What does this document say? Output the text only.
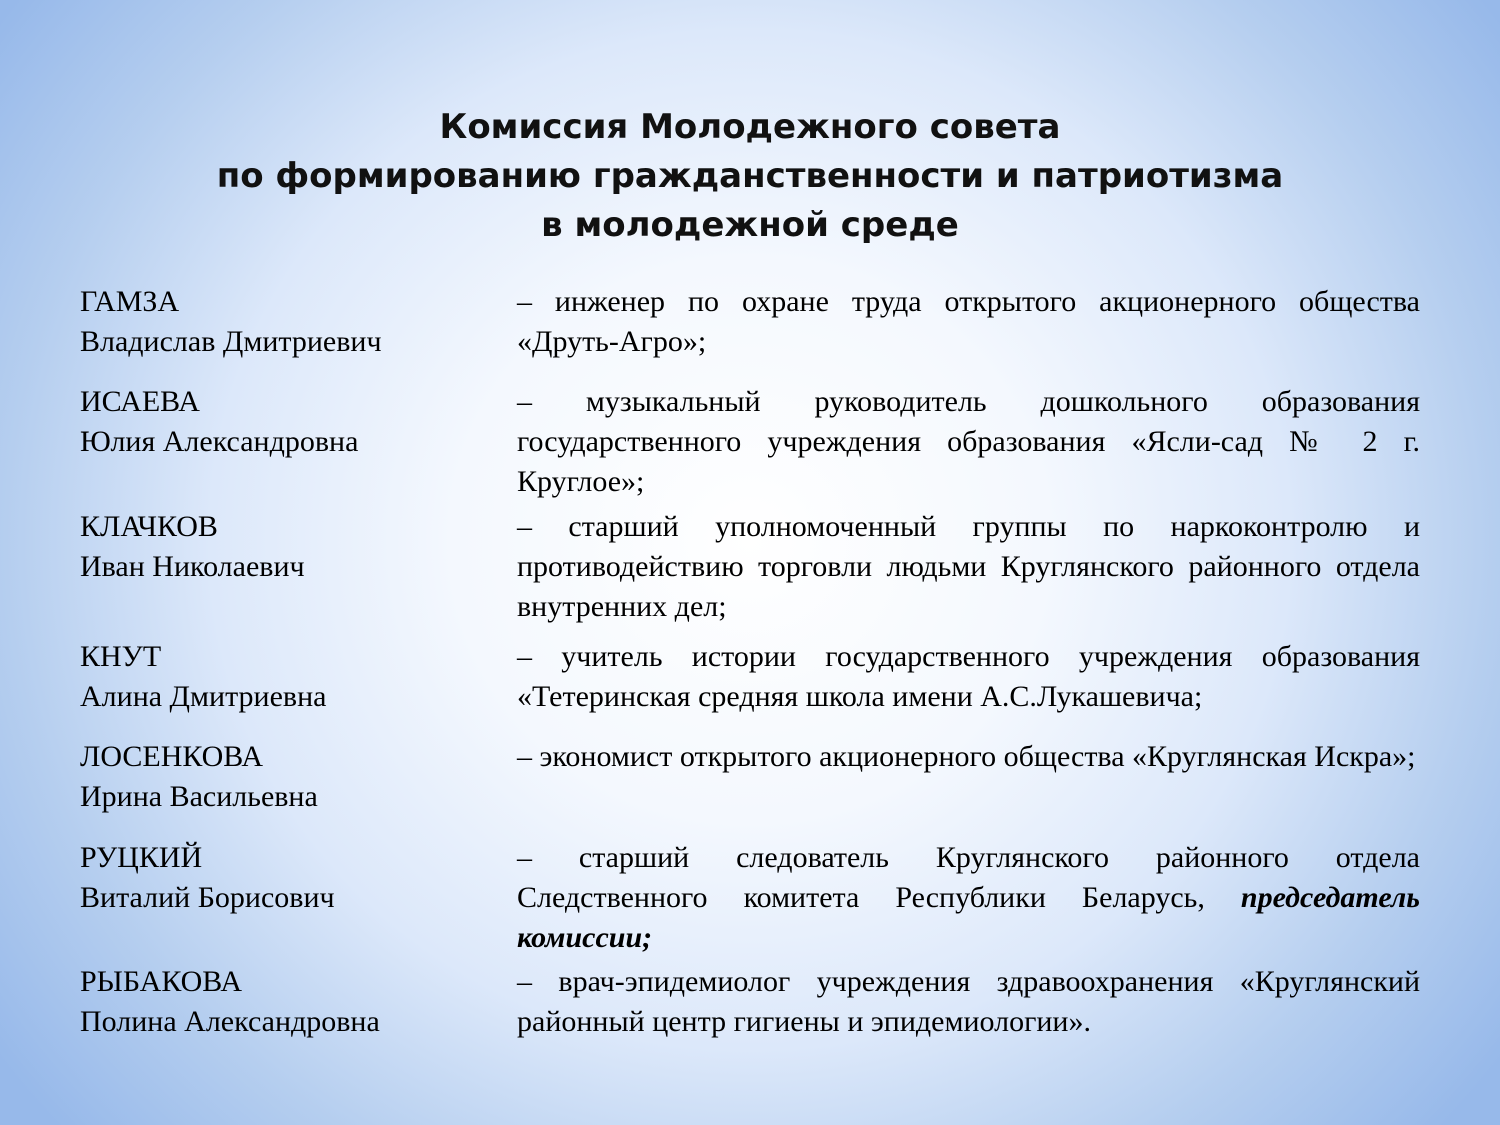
Комиссия Молодежного совета
по формированию гражданственности и патриотизма
в молодежной среде
ГАМЗА
Владислав Дмитриевич
– инженер по охране труда открытого акционерного общества «Друть-Агро»;
ИСАЕВА
Юлия Александровна
– музыкальный руководитель дошкольного образования государственного учреждения образования «Ясли-сад № 2 г. Круглое»;
КЛАЧКОВ
Иван Николаевич
– старший уполномоченный группы по наркоконтролю и противодействию торговли людьми Круглянского районного отдела внутренних дел;
КНУТ
Алина Дмитриевна
– учитель истории государственного учреждения образования «Тетеринская средняя школа имени А.С.Лукашевича;
ЛОСЕНКОВА
Ирина Васильевна
– экономист открытого акционерного общества «Круглянская Искра»;
РУЦКИЙ
Виталий Борисович
– старший следователь Круглянского районного отдела Следственного комитета Республики Беларусь, председатель комиссии;
РЫБАКОВА
Полина Александровна
– врач-эпидемиолог учреждения здравоохранения «Круглянский районный центр гигиены и эпидемиологии».
